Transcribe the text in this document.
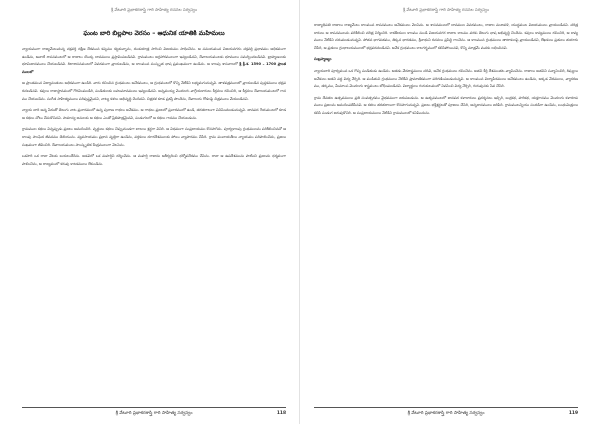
శ్రీ వేటూరి ప్రభాకరశాస్త్రి గారి సాహిత్య రచనల సర్వస్వం
ఘంట బారి బిల్లపాల వెరసం – ఆధునిక యాతికి మహిమలు

న్యాయముగా రాజ్యమేలుచున్న చక్రవర్తి దక్షిణ దేశమున కప్పము కట్టకున్నాను, దండయాత్ర సాగించి విజయము సాధించెను. ఆ సమయమున విజయనగరం చక్రవర్తి ప్రభావము అధికముగా ఉండెను, ఆనాటి శాసనములలో ఆ రాజులు యొక్క దానములు ప్రస్తావింపబడినవి. గ్రామములు అగ్రహారములుగా ఇవ్వబడినవి, దేవాలయములకు భూములు సమర్పించబడినవి. బ్రాహ్మణులకు భూమిదానములు చేయబడినవి. శిలాశాసనములలో వివరముగా వ్రాయబడెను, ఆ కాలమున సంస్కృత భాష ప్రముఖముగా ఉండెను. ఆ కాలపు శాసనాలలో శ్రీ క్రీ.శ. 1590 – 1700 ప్రాంతములలో

ఆ ప్రాంతమున విద్యావంతులు అధికముగా ఉండిరి. వారు రచించిన గ్రంథములు అనేకములు, ఆ గ్రంథములలో కొన్ని నేటికిని లభ్యమగుచున్నవి. తాళపత్రములలో వ్రాయబడిన పుస్తకములు భద్రపరచబడినవి. కవులు రాజాస్థానములో గౌరవింపబడిరి, పండితులకు బహుమానములు ఇవ్వబడినవి. అన్నమయ్య మొదలగు వాగ్గేయకారులు కీర్తనలు రచించిరి, ఆ కీర్తనలు దేవాలయములలో గానము చేయబడెను. సంగీత సాహిత్యములు పరిపుష్టమైనవి, నాట్య కళలు అభివృద్ధి చెందినవి. చిత్రకళ కూడ ప్రశస్తి పొందెను, దేవాలయ గోడలపై చిత్రములు వేయబడినవి.

న్యాయ బారి అన్న పేరుతో తెలుగు నాట ప్రచారములో ఉన్న పురాణ గాథలు అనేకము. ఆ గాథలు ప్రజలలో ప్రచారములో ఉండి, తరతరాలుగా వినిపించబడుచున్నవి. జానపద గేయములలో కూడ ఆ కథలు చోటు చేసుకొనినవి. సామాన్య జనులకు ఆ కథలు ఎంతో ప్రీతిపాత్రమైనవి, పండుగలలో ఆ కథలు గానము చేయబడును.

గ్రామముల కథలు విన్నప్పుడు ప్రజలు ఆనందించిరి. వృద్ధులు కథలు చెప్పుచుండగా బాలలు శ్రద్ధగా వినిరి. ఆ విధముగా సంప్రదాయము కొనసాగెను. పూర్వకాలపు గ్రంథములను పరిశీలించినచో ఆ కాలపు సాంఘిక జీవనము తెలియును. వ్యవసాయము ప్రధాన వృత్తిగా ఉండెను, వర్తకులు దూరదేశములకు పోయి వ్యాపారము చేసిరి. గ్రామ పంచాయతీలు న్యాయము పరిపాలించెను, ప్రజలు సుఖముగా జీవించిరి. దేవాలయములు సాంస్కృతిక కేంద్రములుగా వెలసెను.

ఒకసారి ఒక రాజు వేటకు బయలుదేరెను. అడవిలో ఒక మహర్షిని దర్శించెను. ఆ మహర్షి రాజును ఆశీర్వదించి ధర్మోపదేశము చేసెను. రాజు ఆ ఉపదేశమును పాటించి ప్రజలను ధర్మముగా పాలించెను, ఆ రాజ్యములో కరువు కాటకములు లేకుండెను.

శ్రీ వేటూరి ప్రభాకరశాస్త్రి గారి సాహిత్య సర్వస్వం	118
శ్రీ వేటూరి ప్రభాకరశాస్త్రి గారి సాహిత్య రచనల సర్వస్వం

రాజ్యాధిపతి రాజులు రాజ్యమేలు కాలమున శాసనములు అనేకములు వెలసెను. ఆ శాసనములలో దానముల వివరములు, రాజుల వంశావళి, యుద్ధముల విజయములు వ్రాయబడినవి. చరిత్రకారులు ఆ శాసనములను పరిశీలించి చరిత్ర నిర్మించిరి. కాకతీయుల కాలము నుండి విజయనగర రాజుల కాలము వరకు తెలుగు భాష అభివృద్ధి చెందెను. కవులు కావ్యములు రచించిరి, ఆ కావ్యములు నేటికిని చదువబడుచున్నవి. పోతన భాగవతము, తిక్కన భారతము, శ్రీనాథుని రచనలు ప్రసిద్ధి గాంచెను. ఆ కాలమున గ్రంథములు తాటాకులపై వ్రాయబడినవి, లేఖకులు ప్రతులు తయారు చేసిరి, ఆ ప్రతులు గ్రంథాలయములలో భద్రపరచబడినవి. అనేక గ్రంథములు కాలగర్భములో కలిసిపోయినవి, కొన్ని మాత్రమే మనకు లభించినవి.

సుబ్రహ్మణ్యం

న్యాయబారి పూర్వమున ఒక గొప్ప పండితుడు ఉండెను. అతడు వేదశాస్త్రములు చదివి, అనేక గ్రంథములు రచించెను. అతని కీర్తి దేశమంతట వ్యాపించెను. రాజులు అతనిని సన్మానించిరి, శిష్యులు అనేకులు అతని వద్ద విద్య నేర్చిరి. ఆ పండితుని గ్రంథములు నేటికిని ప్రామాణికముగా పరిగణింపబడుచున్నవి. ఆ కాలమున విద్యాపీఠములు అనేకములు ఉండెను, అక్కడ వేదములు, వ్యాకరణము, తర్కము, మీమాంస మొదలగు శాస్త్రములు బోధింపబడినవి. విద్యార్థులు గురుకులములో నివసించి విద్య నేర్చిరి, గురువునకు సేవ చేసిరి.

గ్రామ దేవతల ఉత్సవములు ప్రతి సంవత్సరము వైభవముగా జరుపబడును. ఆ ఉత్సవములలో జానపద కళాకారులు ప్రదర్శనలు ఇచ్చిరి, బుర్రకథ, హరికథ, యక్షగానము మొదలగు కళారూపములు ప్రజలను ఆనందింపజేసినవి. ఆ కళలు తరతరాలుగా కొనసాగుచున్నవి. ప్రజలు భక్తిశ్రద్ధలతో పూజలు చేసిరి, అన్నదానములు జరిపిరి. గ్రామములన్నియు సందడిగా ఉండెను, బంధుమిత్రులు కలిసి పండుగ జరుపుకొనిరి. ఆ సంప్రదాయములు నేటికిని గ్రామములలో కనిపించును.

శ్రీ వేటూరి ప్రభాకరశాస్త్రి గారి సాహిత్య సర్వస్వం	119
